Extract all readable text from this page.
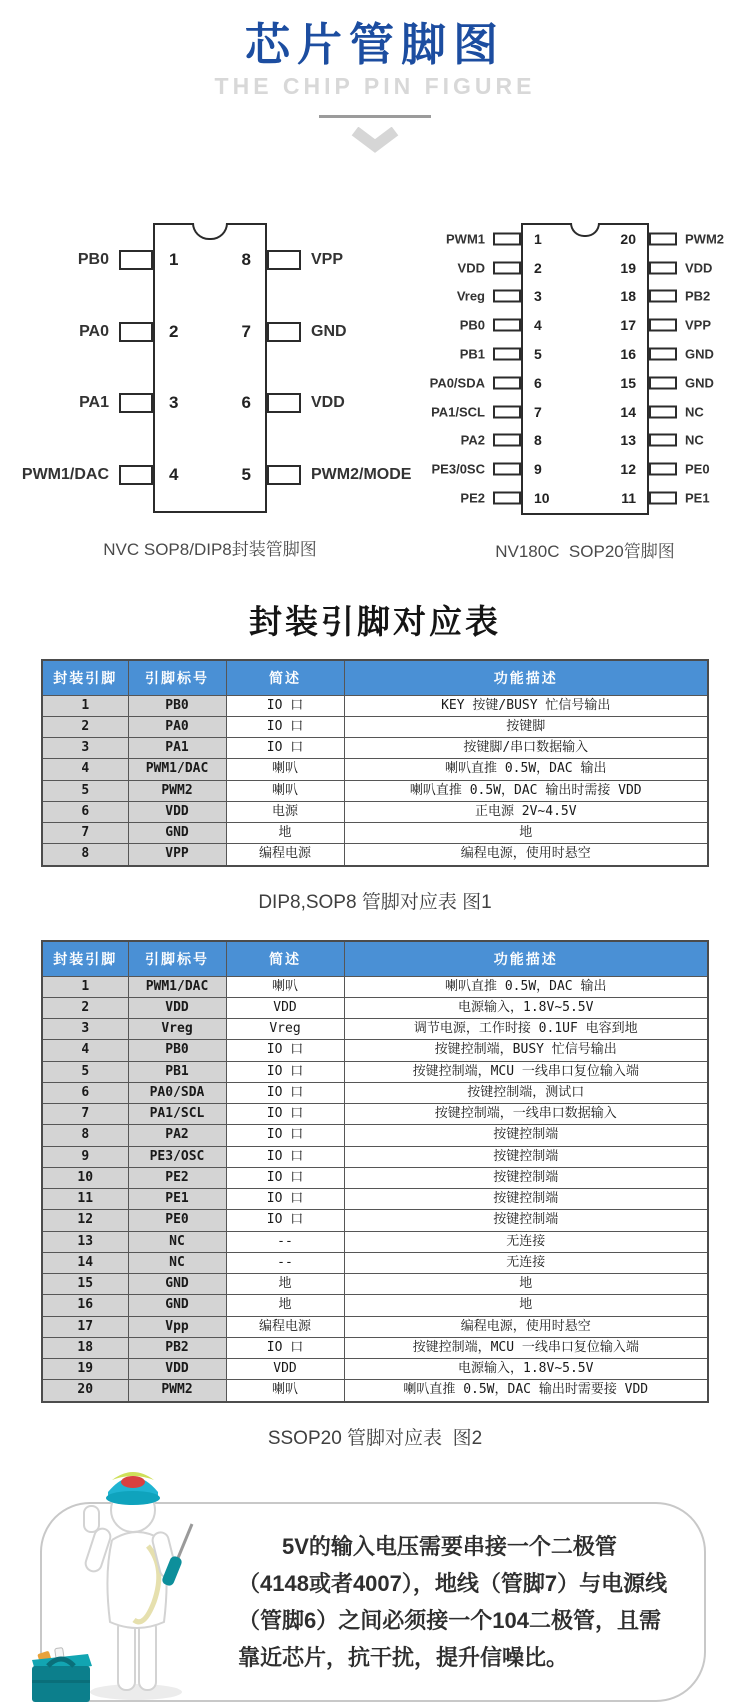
芯片管脚图
THE CHIP PIN FIGURE
PB0	1	8	VPP
PA0	2	7	GND
PA1	3	6	VDD
PWM1/DAC	4	5	PWM2/MODE
NVC SOP8/DIP8封装管脚图
PWM1	1	20	PWM2
VDD	2	19	VDD
Vreg	3	18	PB2
PB0	4	17	VPP
PB1	5	16	GND
PA0/SDA	6	15	GND
PA1/SCL	7	14	NC
PA2	8	13	NC
PE3/0SC	9	12	PE0
PE2	10	11	PE1
NV180C  SOP20管脚图
封装引脚对应表
封装引脚	引脚标号	简述	功能描述
1	PB0	IO 口	KEY 按键/BUSY 忙信号输出
2	PA0	IO 口	按键脚
3	PA1	IO 口	按键脚/串口数据输入
4	PWM1/DAC	喇叭	喇叭直推 0.5W，DAC 输出
5	PWM2	喇叭	喇叭直推 0.5W，DAC 输出时需接 VDD
6	VDD	电源	正电源 2V~4.5V
7	GND	地	地
8	VPP	编程电源	编程电源，使用时悬空
DIP8,SOP8 管脚对应表 图1
封装引脚	引脚标号	简述	功能描述
1	PWM1/DAC	喇叭	喇叭直推 0.5W，DAC 输出
2	VDD	VDD	电源输入，1.8V~5.5V
3	Vreg	Vreg	调节电源，工作时接 0.1UF 电容到地
4	PB0	IO 口	按键控制端，BUSY 忙信号输出
5	PB1	IO 口	按键控制端，MCU 一线串口复位输入端
6	PA0/SDA	IO 口	按键控制端，测试口
7	PA1/SCL	IO 口	按键控制端，一线串口数据输入
8	PA2	IO 口	按键控制端
9	PE3/OSC	IO 口	按键控制端
10	PE2	IO 口	按键控制端
11	PE1	IO 口	按键控制端
12	PE0	IO 口	按键控制端
13	NC	--	无连接
14	NC	--	无连接
15	GND	地	地
16	GND	地	地
17	Vpp	编程电源	编程电源，使用时悬空
18	PB2	IO 口	按键控制端，MCU 一线串口复位输入端
19	VDD	VDD	电源输入，1.8V~5.5V
20	PWM2	喇叭	喇叭直推 0.5W，DAC 输出时需要接 VDD
SSOP20 管脚对应表  图2

5V的输入电压需要串接一个二极管（4148或者4007），地线（管脚7）与电源线（管脚6）之间必须接一个104二极管，且需靠近芯片，抗干扰，提升信噪比。
